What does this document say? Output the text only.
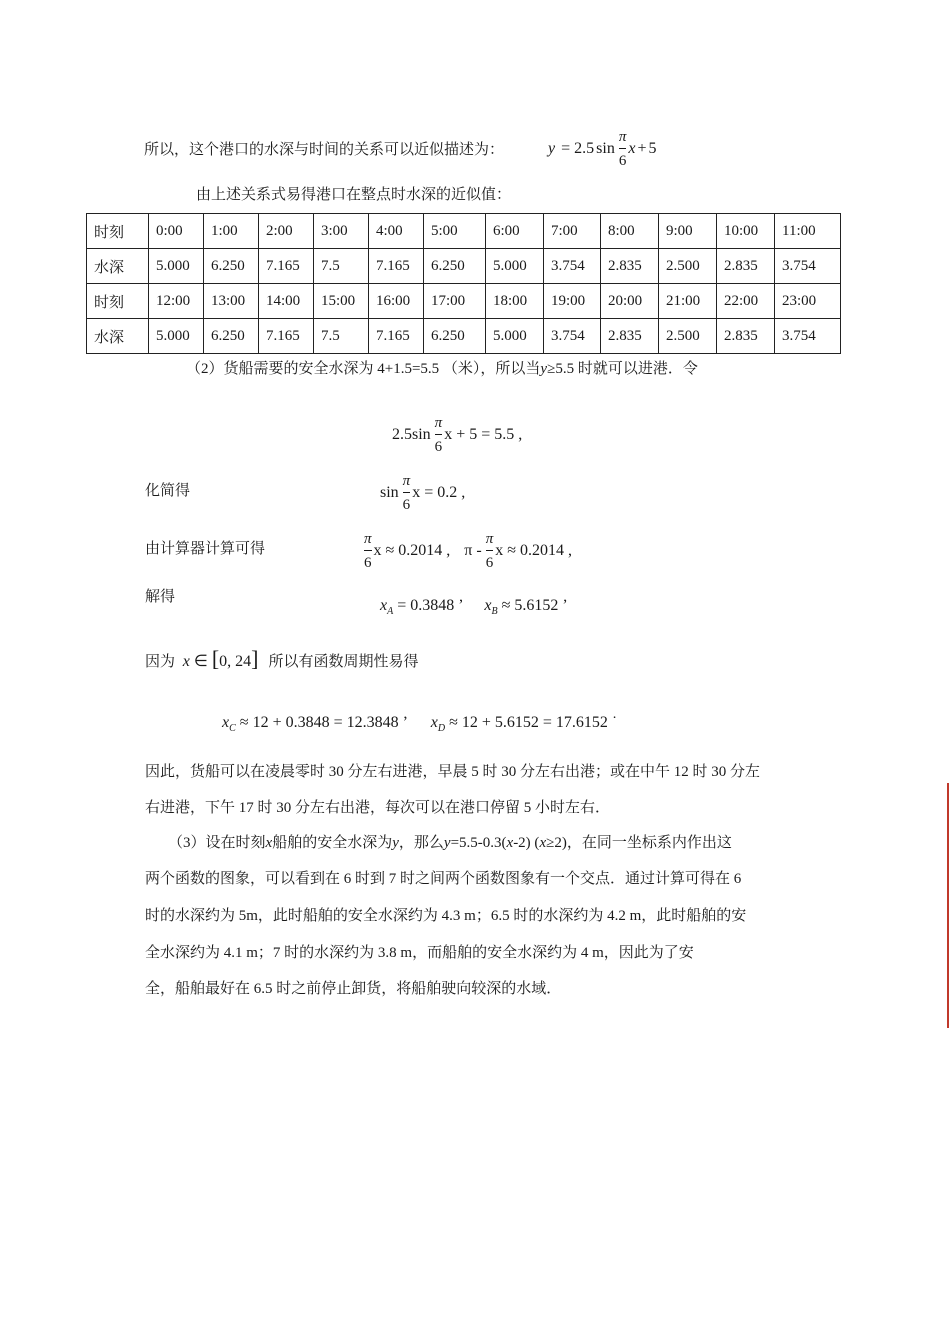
所以，这个港口的水深与时间的关系可以近似描述为：	y = 2.5 $\sin \frac{\pi}{6}$ x + 5
由上述关系式易得港口在整点时水深的近似值：
时刻	0:00	1:00	2:00	3:00	4:00	5:00	6:00	7:00	8:00	9:00	10:00	11:00
水深	5.000	6.250	7.165	7.5	7.165	6.250	5.000	3.754	2.835	2.500	2.835	3.754
时刻	12:00	13:00	14:00	15:00	16:00	17:00	18:00	19:00	20:00	21:00	22:00	23:00
水深	5.000	6.250	7.165	7.5	7.165	6.250	5.000	3.754	2.835	2.500	2.835	3.754
（2）货船需要的安全水深为 4+1.5=5.5 （米），所以当y≥5.5 时就可以进港．令
$2.5\sin \frac{\pi}{6}$ x + 5 = 5.5 ,
化简得	$\sin \frac{\pi}{6}$ x = 0.2 ,
由计算器计算可得	$\frac{\pi}{6}$ x ≈ 0.2014 , π - $\frac{\pi}{6}$ x ≈ 0.2014 ,
解得	$x_A = 0.3848$ ’ $x_B \approx 5.6152$ ’
因为 x ∈ [0, 24] 所以有函数周期性易得
$x_C \approx 12 + 0.3848 = 12.3848$ ’ $x_D \approx 12 + 5.6152 = 17.6152$ ˙
因此，货船可以在凌晨零时 30 分左右进港，早晨 5 时 30 分左右出港；或在中午 12 时 30 分左
右进港，下午 17 时 30 分左右出港，每次可以在港口停留 5 小时左右．
（3）设在时刻x船舶的安全水深为y，那么y=5.5-0.3(x-2) (x≥2)，在同一坐标系内作出这
两个函数的图象，可以看到在 6 时到 7 时之间两个函数图象有一个交点．通过计算可得在 6
时的水深约为 5m，此时船舶的安全水深约为 4.3 m；6.5 时的水深约为 4.2 m，此时船舶的安
全水深约为 4.1 m；7 时的水深约为 3.8 m，而船舶的安全水深约为 4 m，因此为了安
全，船舶最好在 6.5 时之前停止卸货，将船舶驶向较深的水域．
